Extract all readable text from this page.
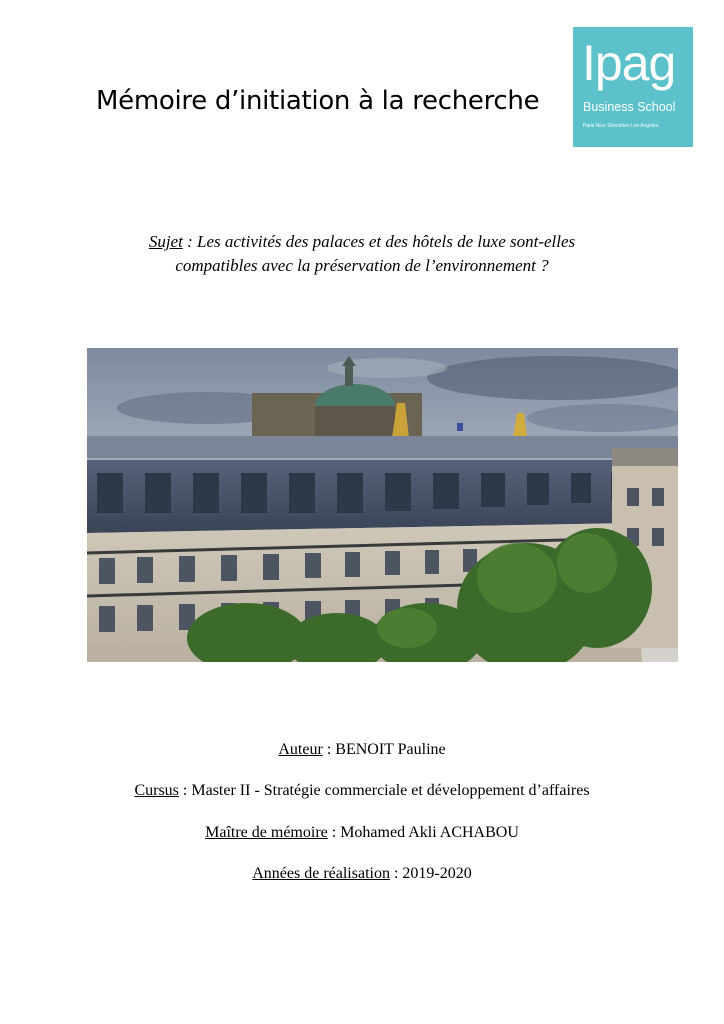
Mémoire d’initiation à la recherche
Ipag
Business School
Paris Nice Shenzhen Los Angeles
Sujet : Les activités des palaces et des hôtels de luxe sont-elles
compatibles avec la préservation de l’environnement ?
Auteur : BENOIT Pauline
Cursus : Master II - Stratégie commerciale et développement d’affaires
Maître de mémoire : Mohamed Akli ACHABOU
Années de réalisation : 2019-2020
